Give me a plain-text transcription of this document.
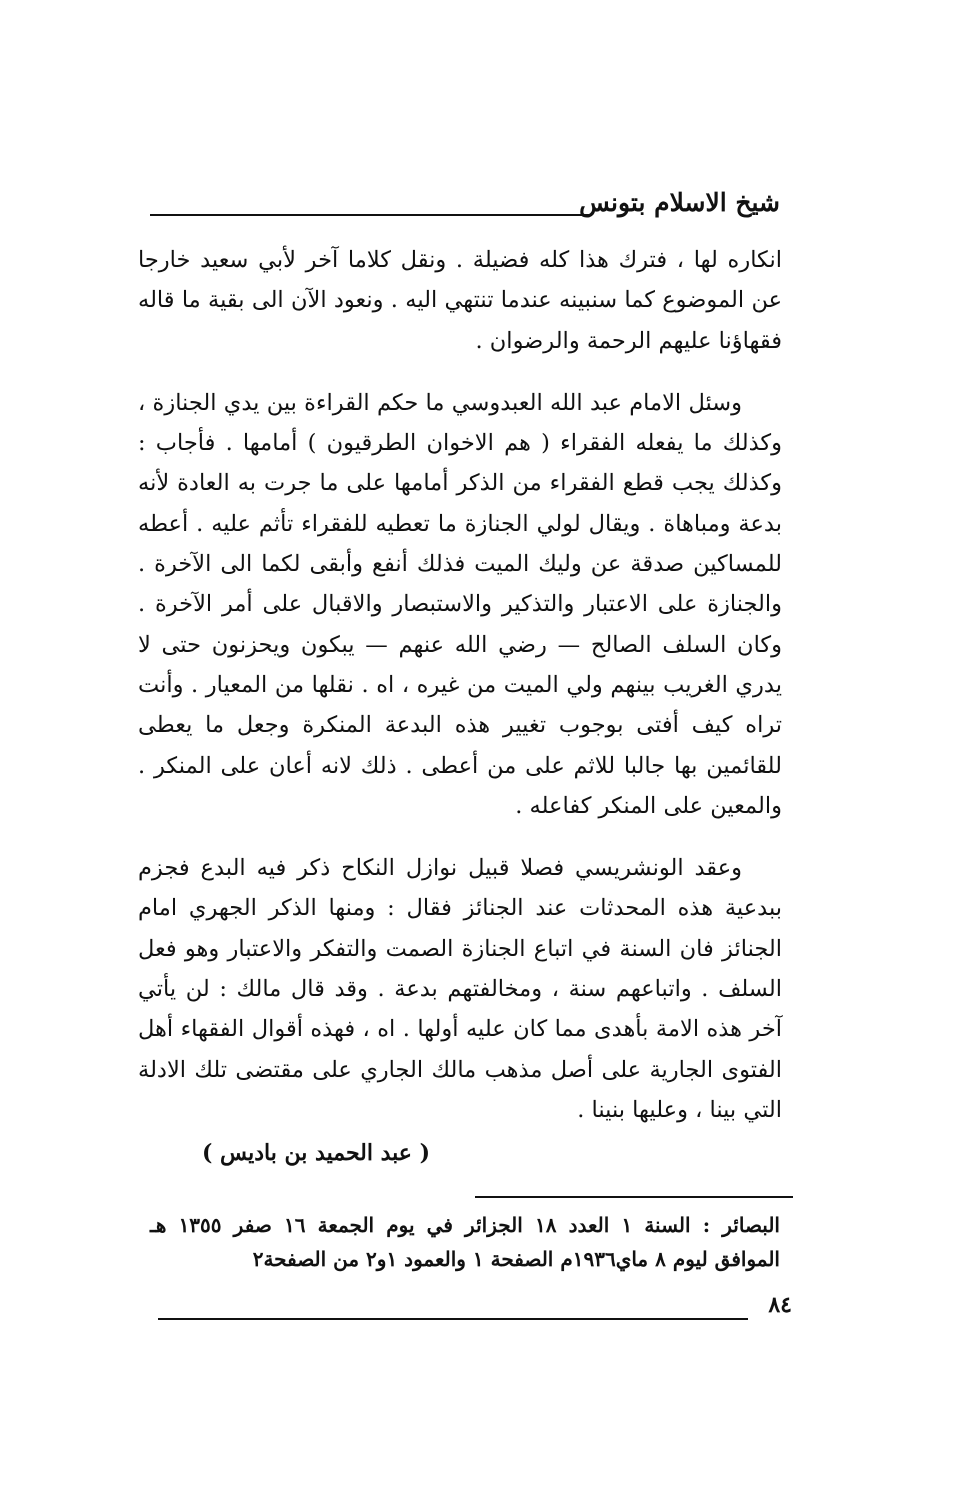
شيخ الاسلام بتونس

انكاره لها ، فترك هذا كله فضيلة . ونقل كلاما آخر لأبي سعيد خارجا عن الموضوع كما سنبينه عندما تنتهي اليه . ونعود الآن الى بقية ما قاله فقهاؤنا عليهم الرحمة والرضوان .

وسئل الامام عبد الله العبدوسي ما حكم القراءة بين يدي الجنازة ، وكذلك ما يفعله الفقراء ( هم الاخوان الطرقيون ) أمامها . فأجاب : وكذلك يجب قطع الفقراء من الذكر أمامها على ما جرت به العادة لأنه بدعة ومباهاة . ويقال لولي الجنازة ما تعطيه للفقراء تأثم عليه . أعطه للمساكين صدقة عن وليك الميت فذلك أنفع وأبقى لكما الى الآخرة . والجنازة على الاعتبار والتذكير والاستبصار والاقبال على أمر الآخرة . وكان السلف الصالح — رضي الله عنهم — يبكون ويحزنون حتى لا يدري الغريب بينهم ولي الميت من غيره ، اه . نقلها من المعيار . وأنت تراه كيف أفتى بوجوب تغيير هذه البدعة المنكرة وجعل ما يعطى للقائمين بها جالبا للاثم على من أعطى . ذلك لانه أعان على المنكر . والمعين على المنكر كفاعله .

وعقد الونشريسي فصلا قبيل نوازل النكاح ذكر فيه البدع فجزم ببدعية هذه المحدثات عند الجنائز فقال : ومنها الذكر الجهري امام الجنائز فان السنة في اتباع الجنازة الصمت والتفكر والاعتبار وهو فعل السلف . واتباعهم سنة ، ومخالفتهم بدعة . وقد قال مالك : لن يأتي آخر هذه الامة بأهدى مما كان عليه أولها . اه ، فهذه أقوال الفقهاء أهل الفتوى الجارية على أصل مذهب مالك الجاري على مقتضى تلك الادلة التي بينا ، وعليها بنينا .

( عبد الحميد بن باديس )
البصائر : السنة ١ العدد ١٨ الجزائر في يوم الجمعة ١٦ صفر ١٣٥٥ هـ الموافق ليوم ٨ ماي١٩٣٦م الصفحة ١ والعمود ١و٢ من الصفحة٢
٨٤
